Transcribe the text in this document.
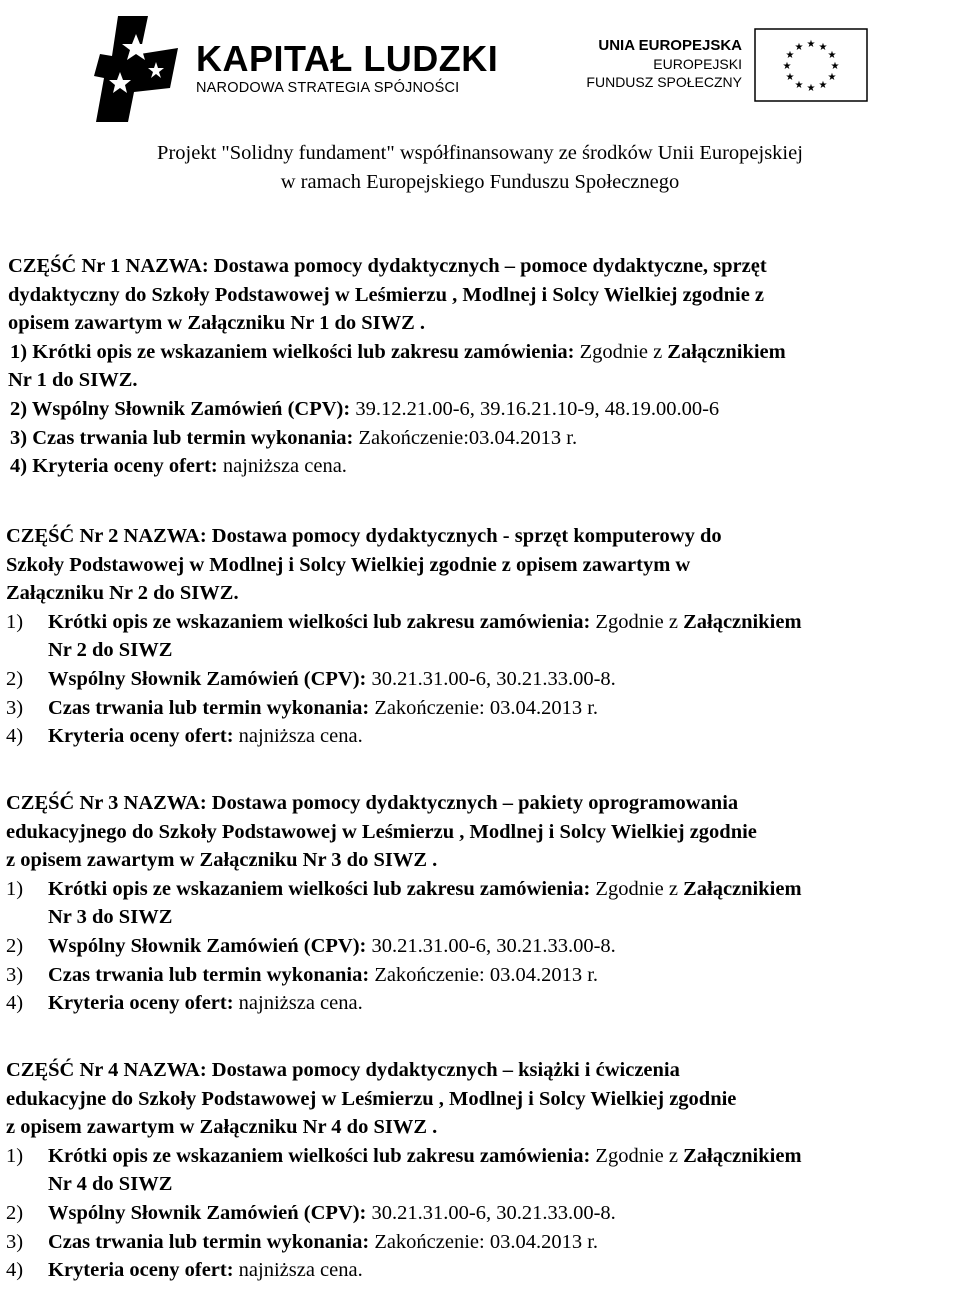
KAPITAŁ LUDZKI
NARODOWA STRATEGIA SPÓJNOŚCI
UNIA EUROPEJSKA
EUROPEJSKI
FUNDUSZ SPOŁECZNY
★ ★
★
★
★
★
★
★
★
★
★
★
Projekt "Solidny fundament" współfinansowany ze środków Unii Europejskiej
w ramach Europejskiego Funduszu Społecznego

CZĘŚĆ Nr 1 NAZWA: Dostawa pomocy dydaktycznych – pomoce dydaktyczne, sprzęt

dydaktyczny do Szkoły Podstawowej w Leśmierzu , Modlnej i Solcy Wielkiej zgodnie z

opisem zawartym w Załączniku Nr 1 do SIWZ .

1) Krótki opis ze wskazaniem wielkości lub zakresu zamówienia: Zgodnie z Załącznikiem

Nr 1 do SIWZ.

2) Wspólny Słownik Zamówień (CPV): 39.12.21.00-6, 39.16.21.10-9, 48.19.00.00-6

3) Czas trwania lub termin wykonania: Zakończenie:03.04.2013 r.

4) Kryteria oceny ofert: najniższa cena.

CZĘŚĆ Nr 2 NAZWA: Dostawa pomocy dydaktycznych - sprzęt komputerowy do

Szkoły Podstawowej w Modlnej i Solcy Wielkiej zgodnie z opisem zawartym w

Załączniku Nr 2 do SIWZ.

1) Krótki opis ze wskazaniem wielkości lub zakresu zamówienia: Zgodnie z Załącznikiem

Nr 2 do SIWZ

2) Wspólny Słownik Zamówień (CPV): 30.21.31.00-6, 30.21.33.00-8.

3) Czas trwania lub termin wykonania: Zakończenie: 03.04.2013 r.

4) Kryteria oceny ofert: najniższa cena.

CZĘŚĆ Nr 3 NAZWA: Dostawa pomocy dydaktycznych – pakiety oprogramowania

edukacyjnego do Szkoły Podstawowej w Leśmierzu , Modlnej i Solcy Wielkiej zgodnie

z opisem zawartym w Załączniku Nr 3 do SIWZ .

1) Krótki opis ze wskazaniem wielkości lub zakresu zamówienia: Zgodnie z Załącznikiem

Nr 3 do SIWZ

2) Wspólny Słownik Zamówień (CPV): 30.21.31.00-6, 30.21.33.00-8.

3) Czas trwania lub termin wykonania: Zakończenie: 03.04.2013 r.

4) Kryteria oceny ofert: najniższa cena.

CZĘŚĆ Nr 4 NAZWA: Dostawa pomocy dydaktycznych – książki i ćwiczenia

edukacyjne do Szkoły Podstawowej w Leśmierzu , Modlnej i Solcy Wielkiej zgodnie

z opisem zawartym w Załączniku Nr 4 do SIWZ .

1) Krótki opis ze wskazaniem wielkości lub zakresu zamówienia: Zgodnie z Załącznikiem

Nr 4 do SIWZ

2) Wspólny Słownik Zamówień (CPV): 30.21.31.00-6, 30.21.33.00-8.

3) Czas trwania lub termin wykonania: Zakończenie: 03.04.2013 r.

4) Kryteria oceny ofert: najniższa cena.
